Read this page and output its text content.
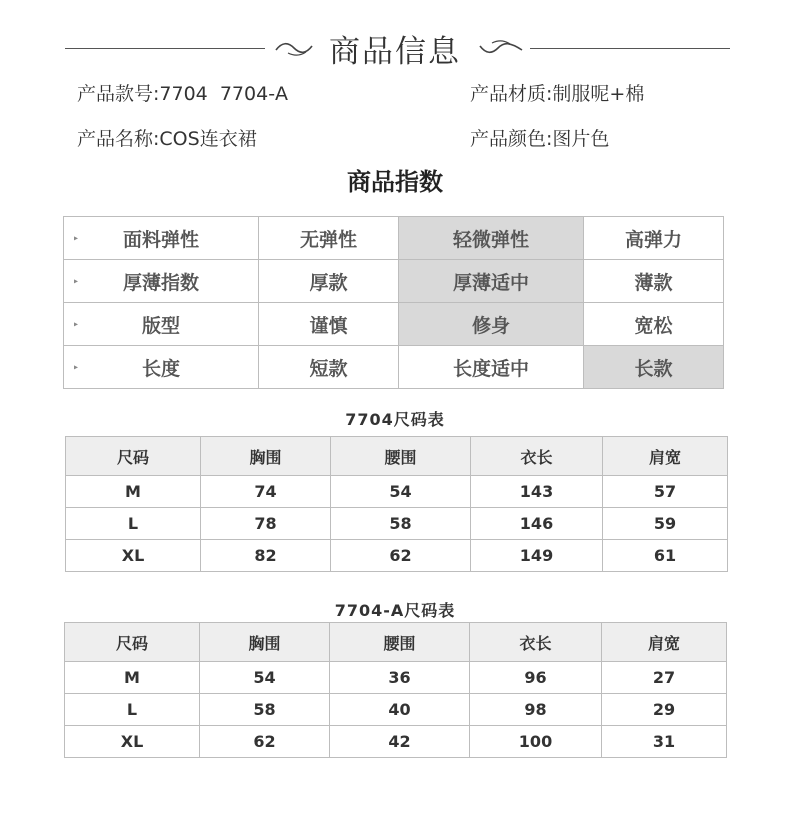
商品信息
产品款号:7704  7704-A	产品材质:制服呢+棉
产品名称:COS连衣裙	产品颜色:图片色
商品指数
▸ 面料弹性	无弹性	轻微弹性	高弹力

▸ 厚薄指数	厚款	厚薄适中	薄款

▸ 版型	谨慎	修身	宽松

▸ 长度	短款	长度适中	长款
7704尺码表
尺码	胸围	腰围	衣长	肩宽
M	74	54	143	57
L	78	58	146	59
XL	82	62	149	61
7704-A尺码表
尺码	胸围	腰围	衣长	肩宽
M	54	36	96	27
L	58	40	98	29
XL	62	42	100	31
